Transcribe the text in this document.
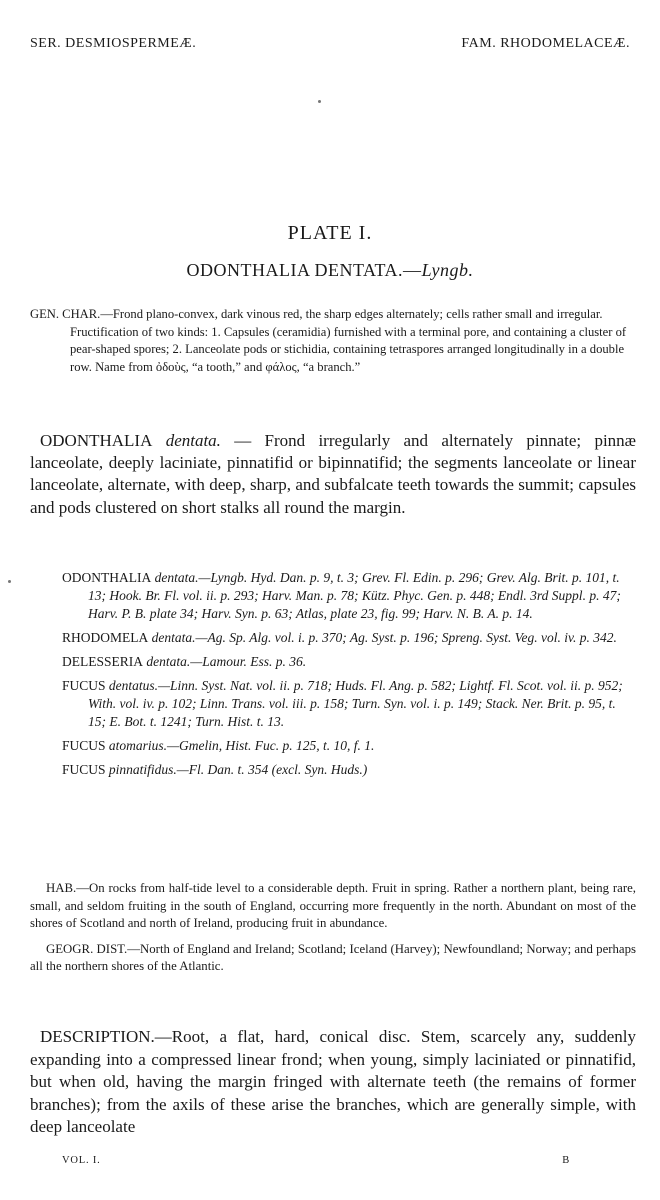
SER. DESMIOSPERMEÆ.	FAM. RHODOMELACEÆ.
PLATE I.
ODONTHALIA DENTATA.—Lyngb.
GEN. CHAR.—Frond plano-convex, dark vinous red, the sharp edges alternately; cells rather small and irregular. Fructification of two kinds: 1. Capsules (ceramidia) furnished with a terminal pore, and containing a cluster of pear-shaped spores; 2. Lanceolate pods or stichidia, containing tetraspores arranged longitudinally in a double row. Name from ὀδοὺς, “a tooth,” and φάλος, “a branch.”
ODONTHALIA dentata. — Frond irregularly and alternately pinnate; pinnæ lanceolate, deeply laciniate, pinnatifid or bipinnatifid; the segments lanceolate or linear lanceolate, alternate, with deep, sharp, and subfalcate teeth towards the summit; capsules and pods clustered on short stalks all round the margin.
ODONTHALIA dentata.—Lyngb. Hyd. Dan. p. 9, t. 3; Grev. Fl. Edin. p. 296; Grev. Alg. Brit. p. 101, t. 13; Hook. Br. Fl. vol. ii. p. 293; Harv. Man. p. 78; Kütz. Phyc. Gen. p. 448; Endl. 3rd Suppl. p. 47; Harv. P. B. plate 34; Harv. Syn. p. 63; Atlas, plate 23, fig. 99; Harv. N. B. A. p. 14.
RHODOMELA dentata.—Ag. Sp. Alg. vol. i. p. 370; Ag. Syst. p. 196; Spreng. Syst. Veg. vol. iv. p. 342.
DELESSERIA dentata.—Lamour. Ess. p. 36.
FUCUS dentatus.—Linn. Syst. Nat. vol. ii. p. 718; Huds. Fl. Ang. p. 582; Lightf. Fl. Scot. vol. ii. p. 952; With. vol. iv. p. 102; Linn. Trans. vol. iii. p. 158; Turn. Syn. vol. i. p. 149; Stack. Ner. Brit. p. 95, t. 15; E. Bot. t. 1241; Turn. Hist. t. 13.
FUCUS atomarius.—Gmelin, Hist. Fuc. p. 125, t. 10, f. 1.
FUCUS pinnatifidus.—Fl. Dan. t. 354 (excl. Syn. Huds.)

HAB.—On rocks from half-tide level to a considerable depth. Fruit in spring. Rather a northern plant, being rare, small, and seldom fruiting in the south of England, occurring more frequently in the north. Abundant on most of the shores of Scotland and north of Ireland, producing fruit in abundance.

GEOGR. DIST.—North of England and Ireland; Scotland; Iceland (Harvey); Newfoundland; Norway; and perhaps all the northern shores of the Atlantic.

DESCRIPTION.—Root, a flat, hard, conical disc. Stem, scarcely any, suddenly expanding into a compressed linear frond; when young, simply laciniated or pinnatifid, but when old, having the margin fringed with alternate teeth (the remains of former branches); from the axils of these arise the branches, which are generally simple, with deep lanceolate
VOL. I.	B
